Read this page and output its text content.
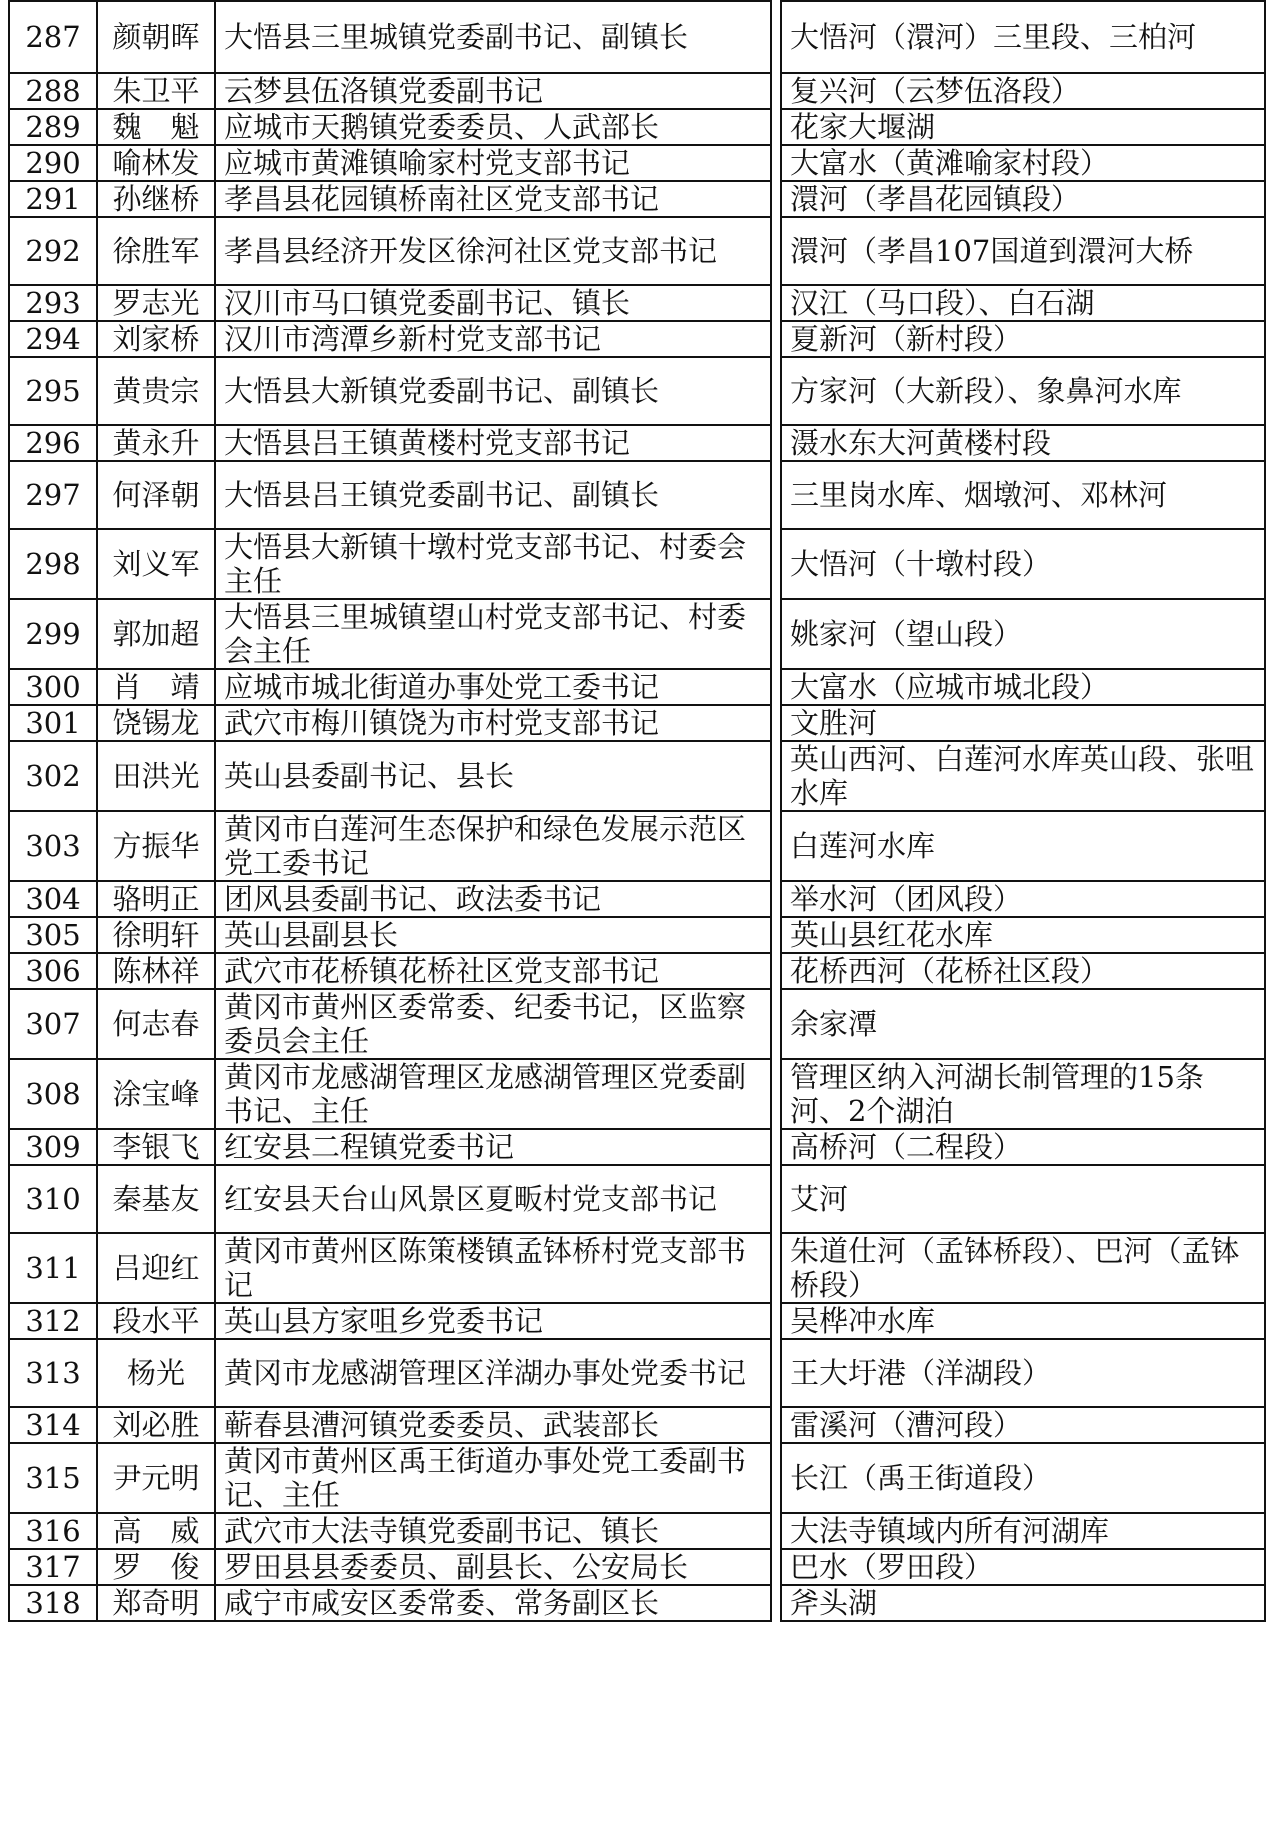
287	颜朝晖	大悟县三里城镇党委副书记、副镇长		大悟河（澴河）三里段、三柏河
288	朱卫平	云梦县伍洛镇党委副书记		复兴河（云梦伍洛段）
289	魏　魁	应城市天鹅镇党委委员、人武部长		花家大堰湖
290	喻林发	应城市黄滩镇喻家村党支部书记		大富水（黄滩喻家村段）
291	孙继桥	孝昌县花园镇桥南社区党支部书记		澴河（孝昌花园镇段）
292	徐胜军	孝昌县经济开发区徐河社区党支部书记		澴河（孝昌107国道到澴河大桥
293	罗志光	汉川市马口镇党委副书记、镇长		汉江（马口段）、白石湖
294	刘家桥	汉川市湾潭乡新村党支部书记		夏新河（新村段）
295	黄贵宗	大悟县大新镇党委副书记、副镇长		方家河（大新段）、象鼻河水库
296	黄永升	大悟县吕王镇黄楼村党支部书记		滠水东大河黄楼村段
297	何泽朝	大悟县吕王镇党委副书记、副镇长		三里岗水库、烟墩河、邓林河
298	刘义军	大悟县大新镇十墩村党支部书记、村委会主任		大悟河（十墩村段）
299	郭加超	大悟县三里城镇望山村党支部书记、村委会主任		姚家河（望山段）
300	肖　靖	应城市城北街道办事处党工委书记		大富水（应城市城北段）
301	饶锡龙	武穴市梅川镇饶为市村党支部书记		文胜河
302	田洪光	英山县委副书记、县长		英山西河、白莲河水库英山段、张咀水库
303	方振华	黄冈市白莲河生态保护和绿色发展示范区党工委书记		白莲河水库
304	骆明正	团风县委副书记、政法委书记		举水河（团风段）
305	徐明轩	英山县副县长		英山县红花水库
306	陈林祥	武穴市花桥镇花桥社区党支部书记		花桥西河（花桥社区段）
307	何志春	黄冈市黄州区委常委、纪委书记，区监察委员会主任		余家潭
308	涂宝峰	黄冈市龙感湖管理区龙感湖管理区党委副书记、主任		管理区纳入河湖长制管理的15条河、2个湖泊
309	李银飞	红安县二程镇党委书记		高桥河（二程段）
310	秦基友	红安县天台山风景区夏畈村党支部书记		艾河
311	吕迎红	黄冈市黄州区陈策楼镇孟钵桥村党支部书记		朱道仕河（孟钵桥段）、巴河（孟钵桥段）
312	段水平	英山县方家咀乡党委书记		吴桦冲水库
313	杨光	黄冈市龙感湖管理区洋湖办事处党委书记		王大圩港（洋湖段）
314	刘必胜	蕲春县漕河镇党委委员、武装部长		雷溪河（漕河段）
315	尹元明	黄冈市黄州区禹王街道办事处党工委副书记、主任		长江（禹王街道段）
316	高　威	武穴市大法寺镇党委副书记、镇长		大法寺镇域内所有河湖库
317	罗　俊	罗田县县委委员、副县长、公安局长		巴水（罗田段）
318	郑奇明	咸宁市咸安区委常委、常务副区长		斧头湖
